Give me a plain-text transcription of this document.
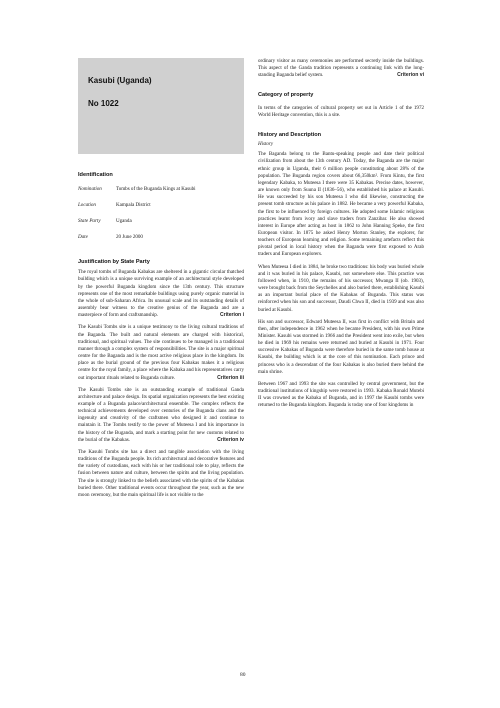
Kasubi (Uganda)
No 1022
Identification
Nomination	Tombs of the Buganda Kings at Kasubi
Location	Kampala District
State Party	Uganda
Date	20 June 2000
Justification by State Party

The royal tombs of Buganda Kabakas are sheltered in a gigantic circular thatched building which is a unique surviving example of an architectural style developed by the powerful Buganda kingdom since the 13th century. This structure represents one of the most remarkable buildings using purely organic material in the whole of sub-Saharan Africa. Its unusual scale and its outstanding details of assembly bear witness to the creative genius of the Baganda and are a masterpiece of form and craftsmanship.	Criterion i

The Kasubi Tombs site is a unique testimony to the living cultural traditions of the Baganda. The built and natural elements are charged with historical, traditional, and spiritual values. The site continues to be managed in a traditional manner through a complex system of responsibilities. The site is a major spiritual centre for the Baganda and is the most active religious place in the kingdom. Its place as the burial ground of the previous four Kabakas makes it a religious centre for the royal family, a place where the Kabaka and his representatives carry out important rituals related to Buganda culture.	Criterion iii

The Kasubi Tombs site is an outstanding example of traditional Ganda architecture and palace design. Its spatial organization represents the best existing example of a Buganda palace/architectural ensemble. The complex reflects the technical achievements developed over centuries of the Buganda clans and the ingenuity and creativity of the craftsmen who designed it and continue to maintain it. The Tombs testify to the power of Muteesa I and his importance in the history of the Buganda, and mark a starting point for new customs related to the burial of the Kabakas.	Criterion iv

The Kasubi Tombs site has a direct and tangible association with the living traditions of the Buganda people. Its rich architectural and decorative features and the variety of custodians, each with his or her traditional role to play, reflects the fusion between nature and culture, between the spirits and the living population. The site is strongly linked to the beliefs associated with the spirits of the Kabakas buried there. Other traditional events occur throughout the year, such as the new moon ceremony, but the main spiritual life is not visible to the

ordinary visitor as many ceremonies are performed secretly inside the buildings. This aspect of the Ganda tradition represents a continuing link with the long-standing Baganda belief system.	Criterion vi

Category of property

In terms of the categories of cultural property set out in Article 1 of the 1972 World Heritage convention, this is a site.

History and Description
History

The Baganda belong to the Bantu-speaking people and date their political civilization from about the 13th century AD. Today, the Baganda are the major ethnic group in Uganda, their 6 million people constituting about 28% of the population. The Buganda region covers about 66,350km². From Kintu, the first legendary Kabaka, to Muteesa I there were 35 Kabakas. Precise dates, however, are known only from Suuna II (1836–56), who established his palace at Kasubi. He was succeeded by his son Muteesa I who did likewise, constructing the present tomb structure as his palace in 1882. He became a very powerful Kabaka, the first to be influenced by foreign cultures. He adopted some Islamic religious practices learnt from ivory and slave traders from Zanzibar. He also showed interest in Europe after acting as host in 1862 to John Hanning Speke, the first European visitor. In 1875 he asked Henry Morton Stanley, the explorer, for teachers of European learning and religion. Some remaining artefacts reflect this pivotal period in local history when the Baganda were first exposed to Arab traders and European explorers.

When Muteesa I died in 1884, he broke two traditions: his body was buried whole and it was buried in his palace, Kasubi, not somewhere else. This practice was followed when, in 1910, the remains of his successor, Mwanga II (ob. 1903), were brought back from the Seychelles and also buried there, establishing Kasubi as an important burial place of the Kabakas of Buganda. This status was reinforced when his son and successor, Daudi Chwa II, died in 1939 and was also buried at Kasubi.

His son and successor, Edward Muteesa II, was first in conflict with Britain and then, after independence in 1962 when he became President, with his own Prime Minister. Kasubi was stormed in 1966 and the President went into exile, but when he died in 1969 his remains were returned and buried at Kasubi in 1971. Four successive Kabakas of Buganda were therefore buried in the same tomb house at Kasubi, the building which is at the core of this nomination. Each prince and princess who is a descendant of the four Kabakas is also buried there behind the main shrine.

Between 1967 and 1993 the site was controlled by central government, but the traditional institutions of kingship were restored in 1993. Kabaka Ronald Mutebi II was crowned as the Kabaka of Buganda, and in 1997 the Kasubi tombs were returned to the Buganda kingdom. Buganda is today one of four kingdoms in

80
